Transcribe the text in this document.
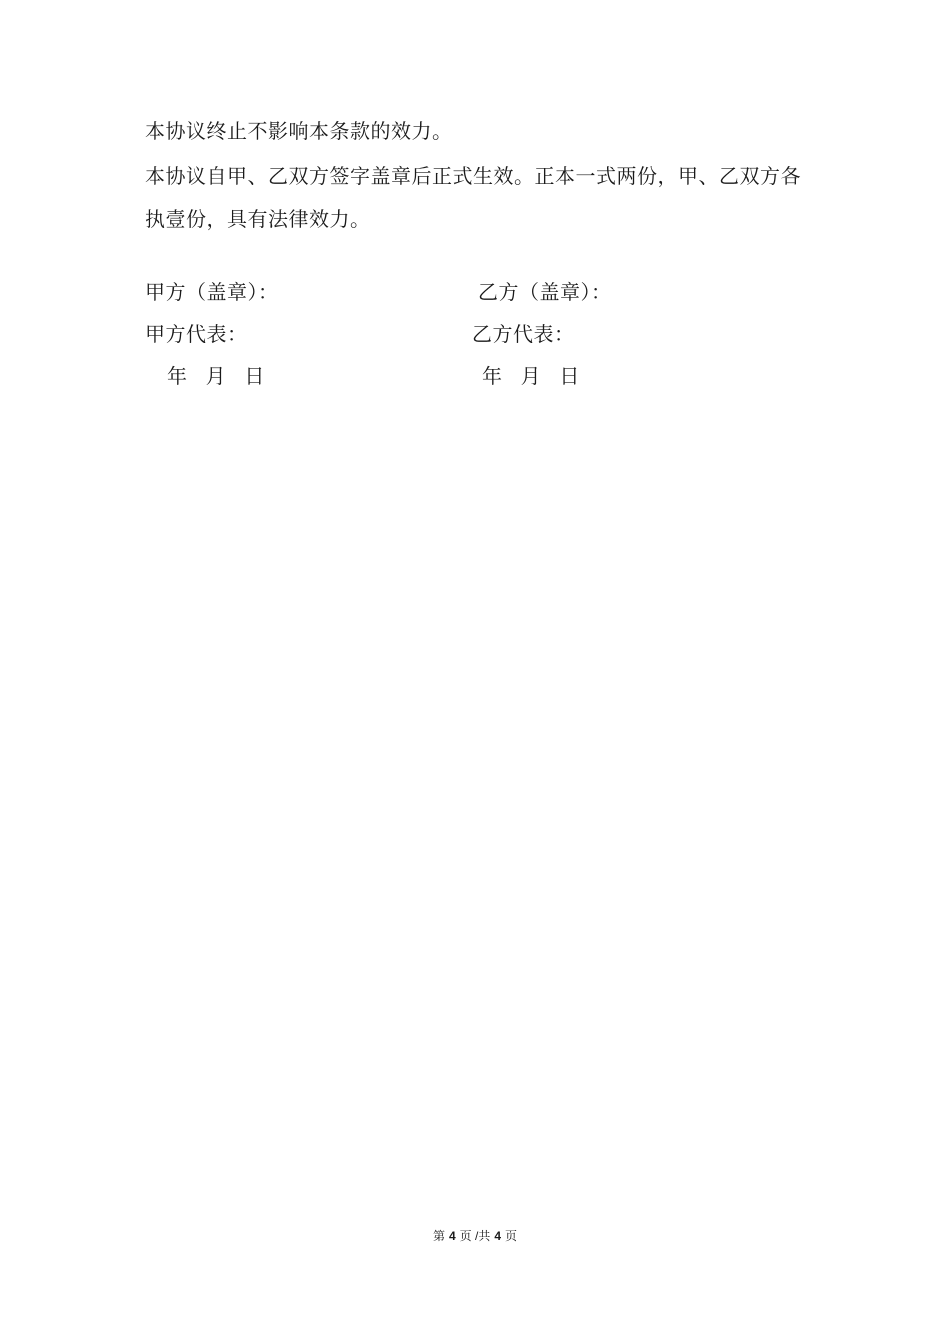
本协议终止不影响本条款的效力。

本协议自甲、乙双方签字盖章后正式生效。正本一式两份，甲、乙双方各执壹份，具有法律效力。

甲方（盖章）：	乙方（盖章）：
甲方代表：	乙方代表：
年   月   日	年   月   日
第 4 页 /共 4 页
